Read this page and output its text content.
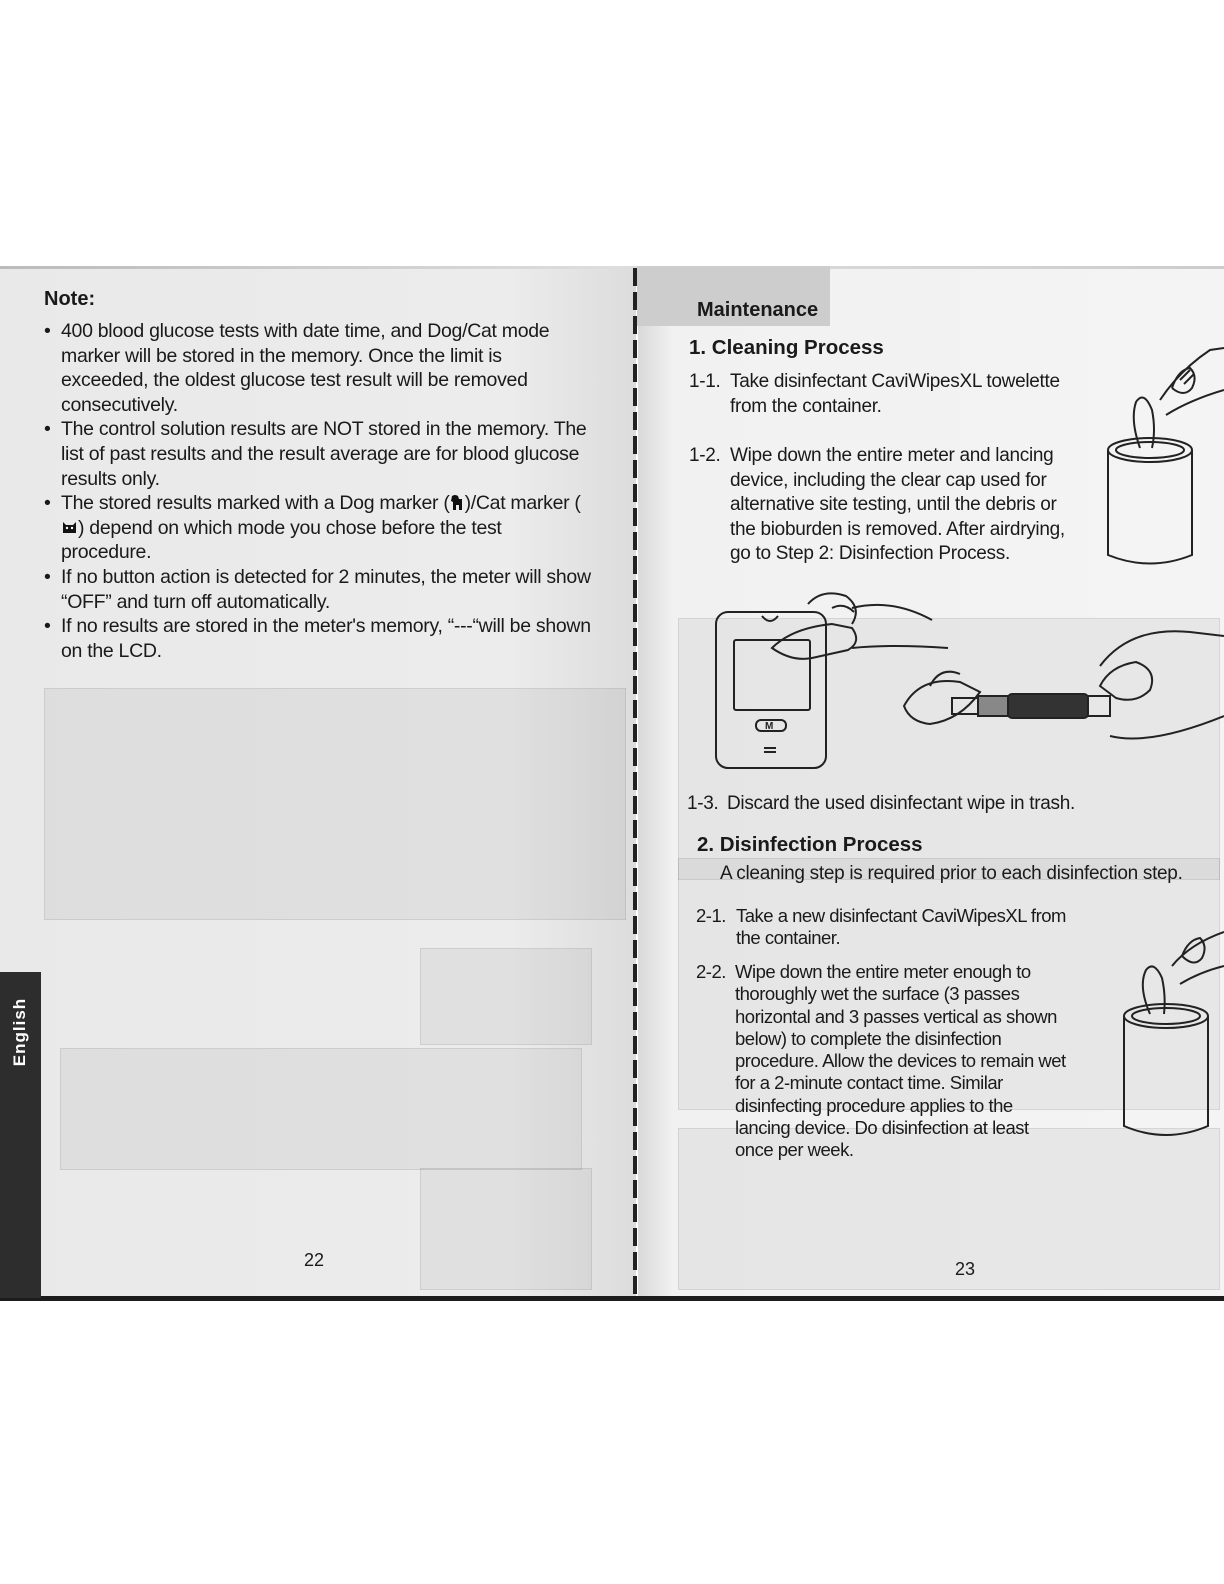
Note:
• 400 blood glucose tests with date time, and Dog/Cat mode marker will be stored in the memory. Once the limit is exceeded, the oldest glucose test result will be removed consecutively.
• The control solution results are NOT stored in the memory. The list of past results and the result average are for blood glucose results only.
• The stored results marked with a Dog marker ( )/Cat marker () depend on which mode you chose before the test procedure.
• If no button action is detected for 2 minutes, the meter will show “OFF” and turn off automatically.
• If no results are stored in the meter's memory, “---“will be shown on the LCD.
English
22
Maintenance
1. Cleaning Process
1-1. Take disinfectant CaviWipesXL towelette from the container.
1-2. Wipe down the entire meter and lancing device, including the clear cap used for alternative site testing, until the debris or the bioburden is removed. After airdrying, go to Step 2: Disinfection Process.
1-3. Discard the used disinfectant wipe in trash.
2. Disinfection Process
A cleaning step is required prior to each disinfection step.
2-1. Take a new disinfectant CaviWipesXL from the container.
2-2. Wipe down the entire meter enough to thoroughly wet the surface (3 passes horizontal and 3 passes vertical as shown below) to complete the disinfection procedure. Allow the devices to remain wet for a 2-minute contact time. Similar disinfecting procedure applies to the lancing device. Do disinfection at least once per week.
M
23
